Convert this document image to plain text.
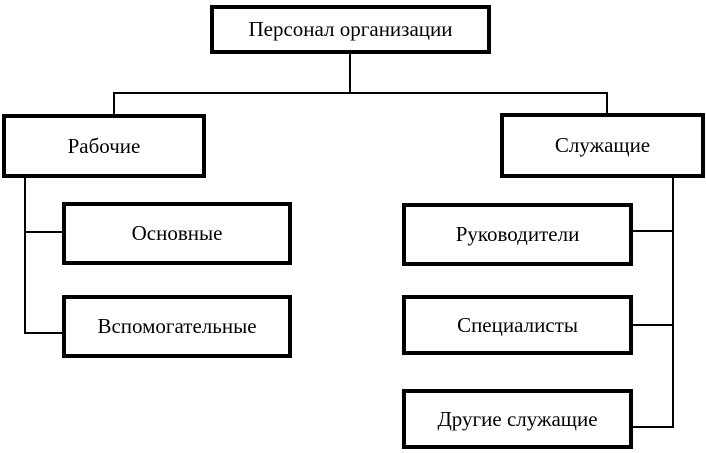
Персонал организации
Рабочие	Служащие
Основные
Вспомогательные
Руководители
Специалисты
Другие служащие
